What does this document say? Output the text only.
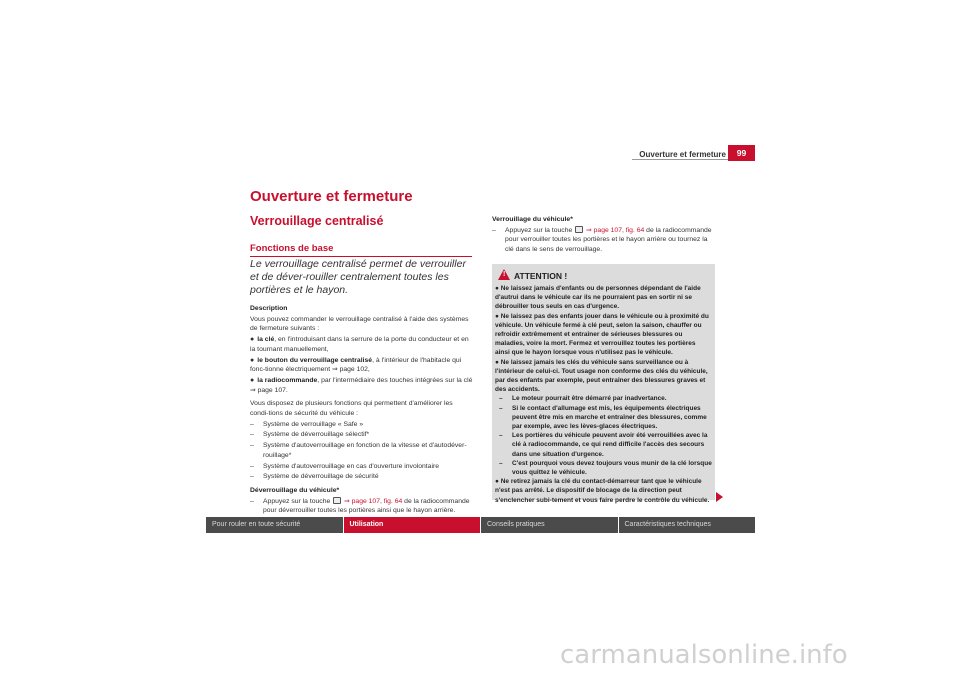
Ouverture et fermeture	99
Ouverture et fermeture
Verrouillage centralisé
Fonctions de base
Le verrouillage centralisé permet de verrouiller et de déver-rouiller centralement toutes les portières et le hayon.

Description

Vous pouvez commander le verrouillage centralisé à l'aide des systèmes de fermeture suivants :

● la clé, en l'introduisant dans la serrure de la porte du conducteur et en la tournant manuellement,

● le bouton du verrouillage centralisé, à l'intérieur de l'habitacle qui fonc-tionne électriquement ⇒ page 102,

● la radiocommande, par l'intermédiaire des touches intégrées sur la clé ⇒ page 107.

Vous disposez de plusieurs fonctions qui permettent d'améliorer les condi-tions de sécurité du véhicule :

– Système de verrouillage « Safe »

– Système de déverrouillage sélectif*

– Système d'autoverrouillage en fonction de la vitesse et d'autodéver-rouillage*

– Système d'autoverrouillage en cas d'ouverture involontaire

– Système de déverrouillage de sécurité

Déverrouillage du véhicule*

– Appuyez sur la touche ⇒ page 107, fig. 64 de la radiocommande pour déverrouiller toutes les portières ainsi que le hayon arrière.

Verrouillage du véhicule*

– Appuyez sur la touche ⇒ page 107, fig. 64 de la radiocommande pour verrouiller toutes les portières et le hayon arrière ou tournez la clé dans le sens de verrouillage.

! ATTENTION !

● Ne laissez jamais d'enfants ou de personnes dépendant de l'aide d'autrui dans le véhicule car ils ne pourraient pas en sortir ni se débrouiller tous seuls en cas d'urgence.

● Ne laissez pas des enfants jouer dans le véhicule ou à proximité du véhicule. Un véhicule fermé à clé peut, selon la saison, chauffer ou refroidir extrêmement et entraîner de sérieuses blessures ou maladies, voire la mort. Fermez et verrouillez toutes les portières ainsi que le hayon lorsque vous n'utilisez pas le véhicule.

● Ne laissez jamais les clés du véhicule sans surveillance ou à l'intérieur de celui-ci. Tout usage non conforme des clés du véhicule, par des enfants par exemple, peut entraîner des blessures graves et des accidents.

– Le moteur pourrait être démarré par inadvertance.

– Si le contact d'allumage est mis, les équipements électriques peuvent être mis en marche et entraîner des blessures, comme par exemple, avec les lèves-glaces électriques.

– Les portières du véhicule peuvent avoir été verrouillées avec la clé à radiocommande, ce qui rend difficile l'accès des secours dans une situation d'urgence.

– C'est pourquoi vous devez toujours vous munir de la clé lorsque vous quittez le véhicule.

● Ne retirez jamais la clé du contact-démarreur tant que le véhicule n'est pas arrêté. Le dispositif de blocage de la direction peut s'enclencher subi-tement et vous faire perdre le contrôle du véhicule.

Pour rouler en toute sécurité	Utilisation	Conseils pratiques	Caractéristiques techniques
carmanualsonline.info
